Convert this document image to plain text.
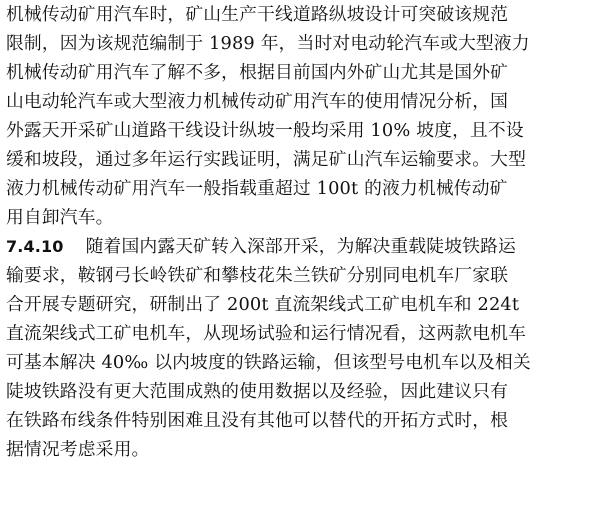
机械传动矿用汽车时，矿山生产干线道路纵坡设计可突破该规范
限制，因为该规范编制于 1989 年，当时对电动轮汽车或大型液力
机械传动矿用汽车了解不多，根据目前国内外矿山尤其是国外矿
山电动轮汽车或大型液力机械传动矿用汽车的使用情况分析，国
外露天开采矿山道路干线设计纵坡一般均采用 10% 坡度，且不设
缓和坡段，通过多年运行实践证明，满足矿山汽车运输要求。大型
液力机械传动矿用汽车一般指载重超过 100t 的液力机械传动矿
用自卸汽车。
7.4.10 随着国内露天矿转入深部开采，为解决重载陡坡铁路运
输要求，鞍钢弓长岭铁矿和攀枝花朱兰铁矿分别同电机车厂家联
合开展专题研究，研制出了 200t 直流架线式工矿电机车和 224t
直流架线式工矿电机车，从现场试验和运行情况看，这两款电机车
可基本解决 40‰ 以内坡度的铁路运输，但该型号电机车以及相关
陡坡铁路没有更大范围成熟的使用数据以及经验，因此建议只有
在铁路布线条件特别困难且没有其他可以替代的开拓方式时，根
据情况考虑采用。
